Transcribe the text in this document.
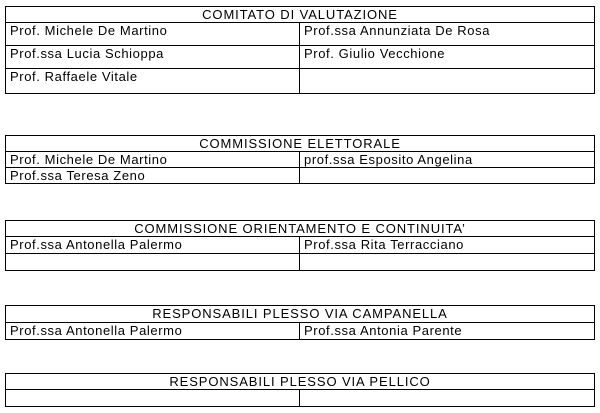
COMITATO DI VALUTAZIONE	
Prof. Michele De Martino	Prof.ssa Annunziata De Rosa
Prof.ssa Lucia Schioppa	Prof. Giulio Vecchione
Prof. Raffaele Vitale	
COMMISSIONE ELETTORALE	
Prof. Michele De Martino	prof.ssa Esposito Angelina
Prof.ssa Teresa Zeno	
COMMISSIONE ORIENTAMENTO E CONTINUITA’	
Prof.ssa Antonella Palermo	Prof.ssa Rita Terracciano

RESPONSABILI PLESSO VIA CAMPANELLA
Prof.ssa Antonella Palermo	Prof.ssa Antonia Parente
RESPONSABILI PLESSO VIA PELLICO
